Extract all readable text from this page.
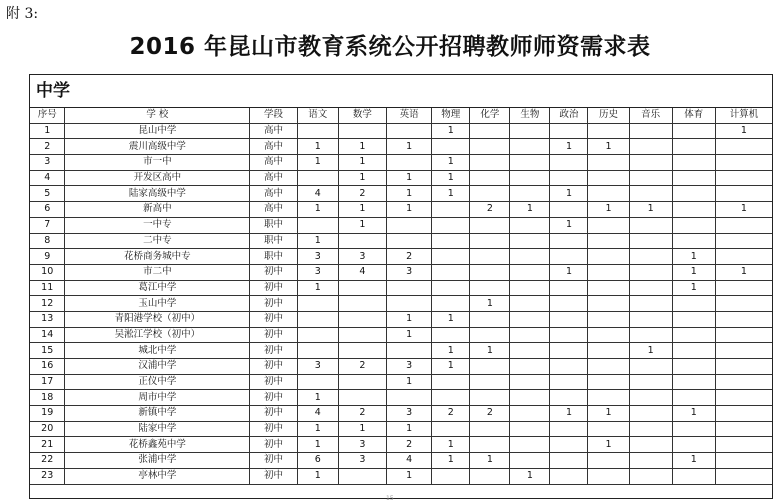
附 3:
2016 年昆山市教育系统公开招聘教师师资需求表
中学
序号	学 校	学段	语文	数学	英语	物理	化学	生物	政治	历史	音乐	体育	计算机
1	昆山中学	高中				1							1
2	震川高级中学	高中	1	1	1				1	1			
3	市一中	高中	1	1		1							
4	开发区高中	高中		1	1	1							
5	陆家高级中学	高中	4	2	1	1			1				
6	新高中	高中	1	1	1		2	1		1	1		1
7	一中专	职中		1					1				
8	二中专	职中	1										
9	花桥商务城中专	职中	3	3	2							1	
10	市二中	初中	3	4	3				1			1	1
11	葛江中学	初中	1									1	
12	玉山中学	初中					1						
13	青阳港学校（初中）	初中			1	1							
14	吴淞江学校（初中）	初中			1								
15	城北中学	初中				1	1				1		
16	汉浦中学	初中	3	2	3	1							
17	正仪中学	初中			1								
18	周市中学	初中	1										
19	新镇中学	初中	4	2	3	2	2		1	1		1	
20	陆家中学	初中	1	1	1								
21	花桥鑫苑中学	初中	1	3	2	1				1			
22	张浦中学	初中	6	3	4	1	1					1	
23	亭林中学	初中	1		1			1					
15
